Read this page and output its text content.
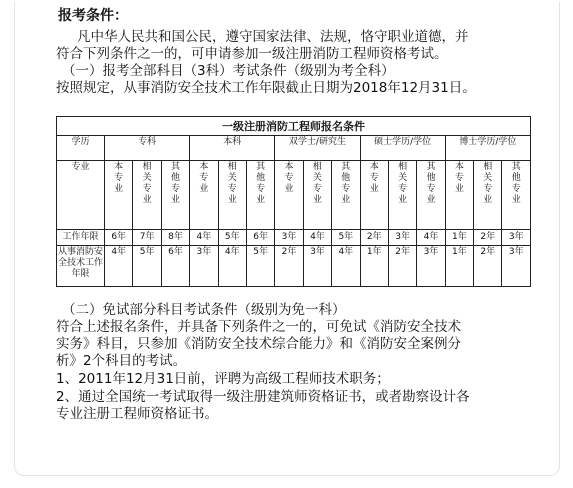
报考条件：
凡中华人民共和国公民，遵守国家法律、法规，恪守职业道德，并
符合下列条件之一的，可申请参加一级注册消防工程师资格考试。
（一）报考全部科目（3科）考试条件（级别为考全科）
按照规定，从事消防安全技术工作年限截止日期为2018年12月31日。
一级注册消防工程师报名条件															
学历	专科			本科			双学士/研究生			硕士学历/学位			博士学历/学位		
专业	本专业	相关专业	其他专业	本专业	相关专业	其他专业	本专业	相关专业	其他专业	本专业	相关专业	其他专业	本专业	相关专业	其他专业
工作年限	6年	7年	8年	4年	5年	6年	3年	4年	5年	2年	3年	4年	1年	2年	3年
从事消防安全技术工作年限	4年	5年	6年	3年	4年	5年	2年	3年	4年	1年	2年	3年	1年	2年	3年
（二）免试部分科目考试条件（级别为免一科）
符合上述报名条件，并具备下列条件之一的，可免试《消防安全技术
实务》科目，只参加《消防安全技术综合能力》和《消防安全案例分
析》2个科目的考试。
1、2011年12月31日前，评聘为高级工程师技术职务；
2、通过全国统一考试取得一级注册建筑师资格证书，或者勘察设计各
专业注册工程师资格证书。
